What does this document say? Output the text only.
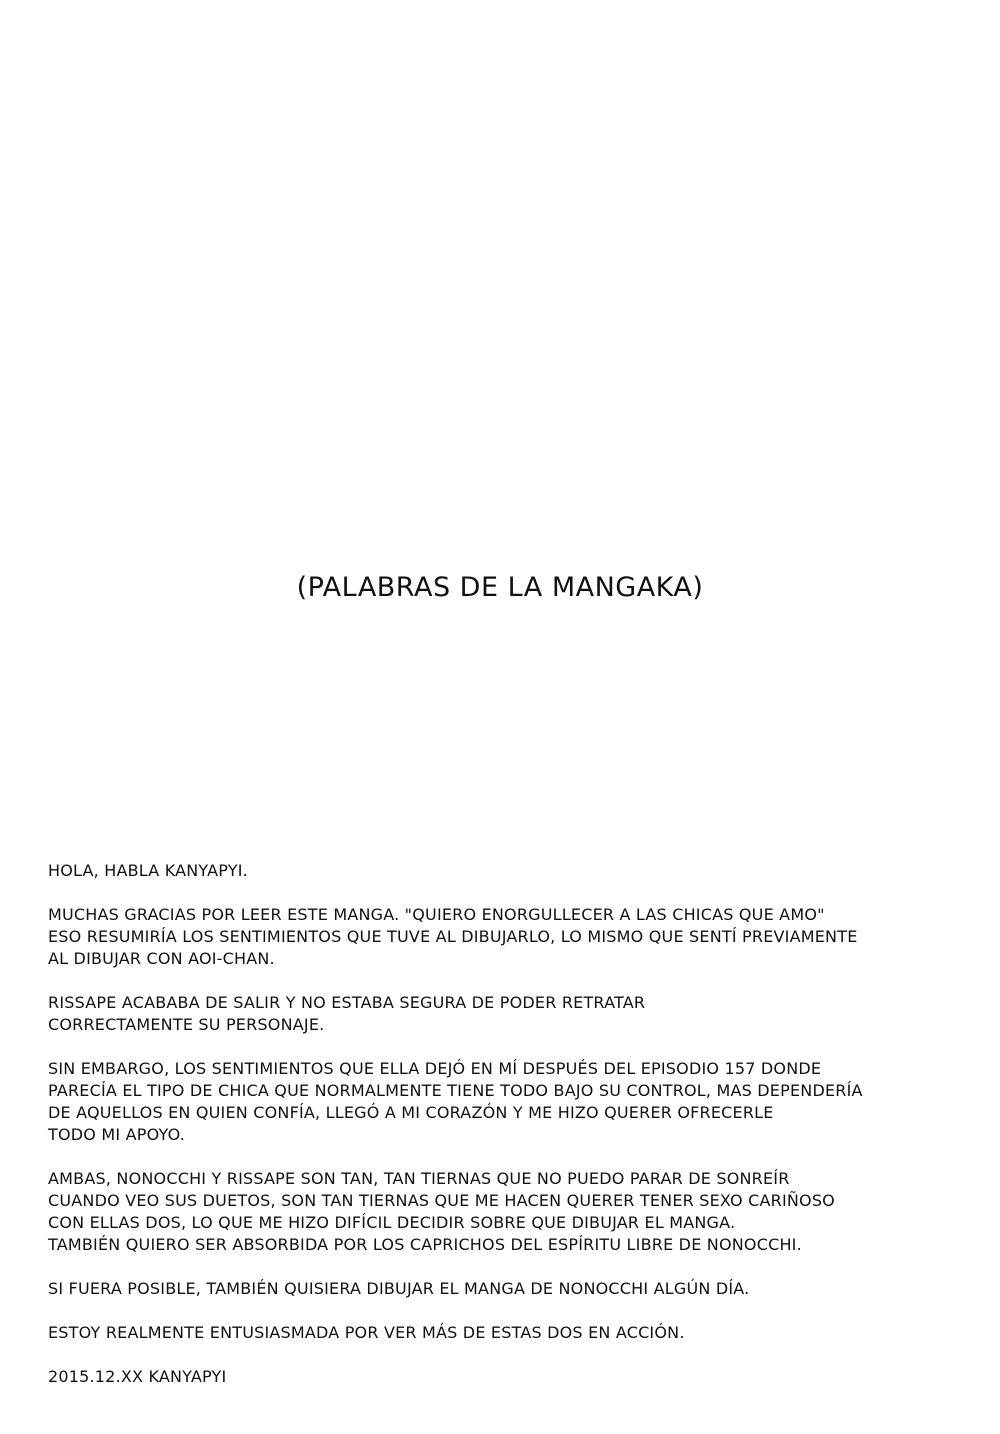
(PALABRAS DE LA MANGAKA)

HOLA, HABLA KANYAPYI.

MUCHAS GRACIAS POR LEER ESTE MANGA. "QUIERO ENORGULLECER A LAS CHICAS QUE AMO"
ESO RESUMIRÍA LOS SENTIMIENTOS QUE TUVE AL DIBUJARLO, LO MISMO QUE SENTÍ PREVIAMENTE
AL DIBUJAR CON AOI-CHAN.

RISSAPE ACABABA DE SALIR Y NO ESTABA SEGURA DE PODER RETRATAR
CORRECTAMENTE SU PERSONAJE.

SIN EMBARGO, LOS SENTIMIENTOS QUE ELLA DEJÓ EN MÍ DESPUÉS DEL EPISODIO 157 DONDE
PARECÍA EL TIPO DE CHICA QUE NORMALMENTE TIENE TODO BAJO SU CONTROL, MAS DEPENDERÍA
DE AQUELLOS EN QUIEN CONFÍA, LLEGÓ A MI CORAZÓN Y ME HIZO QUERER OFRECERLE
TODO MI APOYO.

AMBAS, NONOCCHI Y RISSAPE SON TAN, TAN TIERNAS QUE NO PUEDO PARAR DE SONREÍR
CUANDO VEO SUS DUETOS, SON TAN TIERNAS QUE ME HACEN QUERER TENER SEXO CARIÑOSO
CON ELLAS DOS, LO QUE ME HIZO DIFÍCIL DECIDIR SOBRE QUE DIBUJAR EL MANGA.
TAMBIÉN QUIERO SER ABSORBIDA POR LOS CAPRICHOS DEL ESPÍRITU LIBRE DE NONOCCHI.

SI FUERA POSIBLE, TAMBIÉN QUISIERA DIBUJAR EL MANGA DE NONOCCHI ALGÚN DÍA.

ESTOY REALMENTE ENTUSIASMADA POR VER MÁS DE ESTAS DOS EN ACCIÓN.

2015.12.XX KANYAPYI
